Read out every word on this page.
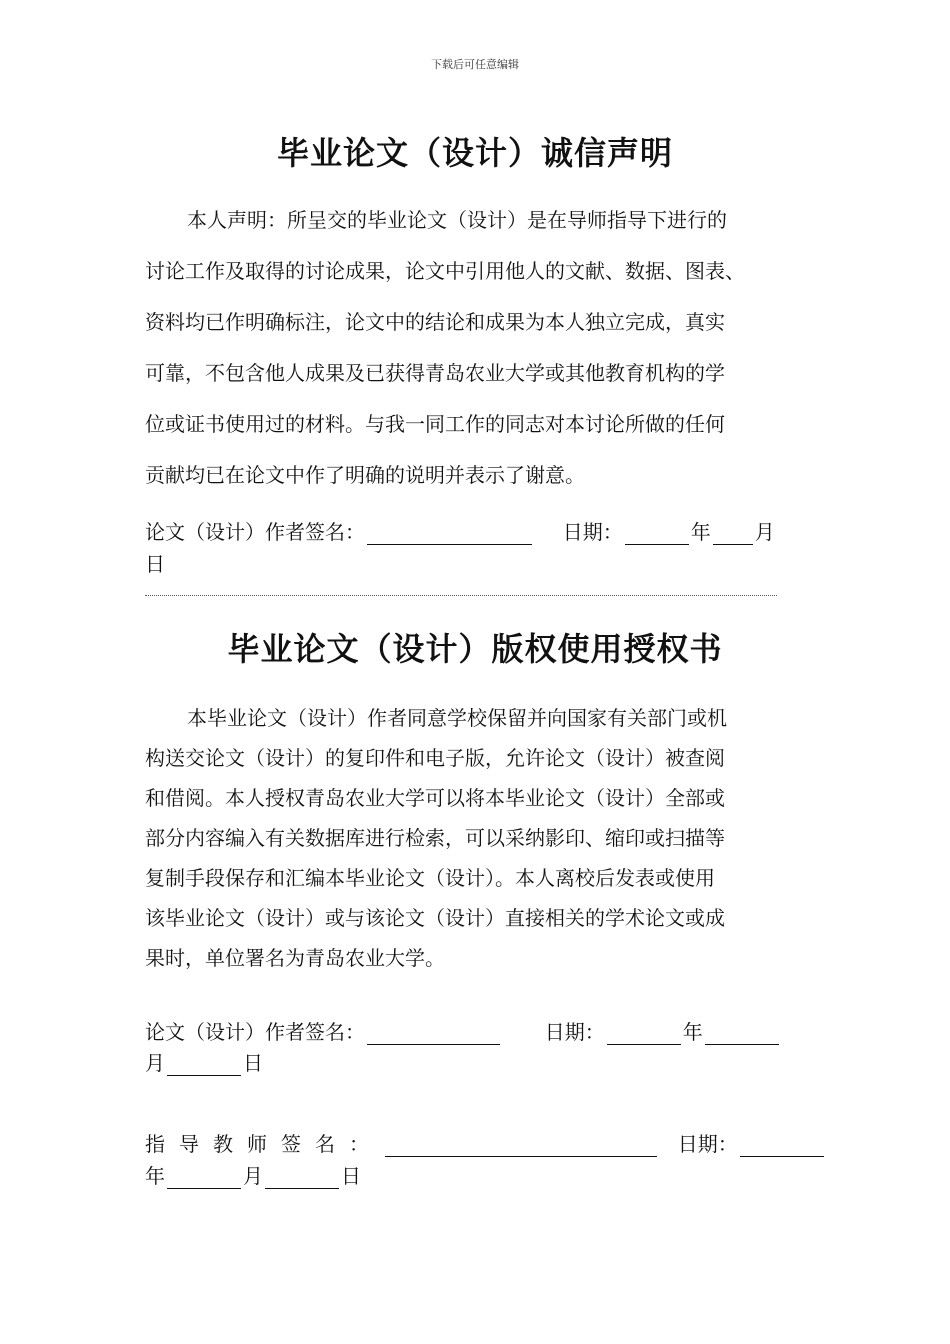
下载后可任意编辑
毕业论文（设计）诚信声明

本人声明：所呈交的毕业论文（设计）是在导师指导下进行的

讨论工作及取得的讨论成果，论文中引用他人的文献、数据、图表、

资料均已作明确标注，论文中的结论和成果为本人独立完成，真实

可靠，不包含他人成果及已获得青岛农业大学或其他教育机构的学

位或证书使用过的材料。与我一同工作的同志对本讨论所做的任何

贡献均已在论文中作了明确的说明并表示了谢意。

论文（设计）作者签名：	日期：	年 月
日
毕业论文（设计）版权使用授权书

本毕业论文（设计）作者同意学校保留并向国家有关部门或机

构送交论文（设计）的复印件和电子版，允许论文（设计）被查阅

和借阅。本人授权青岛农业大学可以将本毕业论文（设计）全部或

部分内容编入有关数据库进行检索，可以采纳影印、缩印或扫描等

复制手段保存和汇编本毕业论文（设计）。本人离校后发表或使用

该毕业论文（设计）或与该论文（设计）直接相关的学术论文或成

果时，单位署名为青岛农业大学。

论文（设计）作者签名：	日期：	年
月	日
指导教师签名：	日期：
年	月	日
